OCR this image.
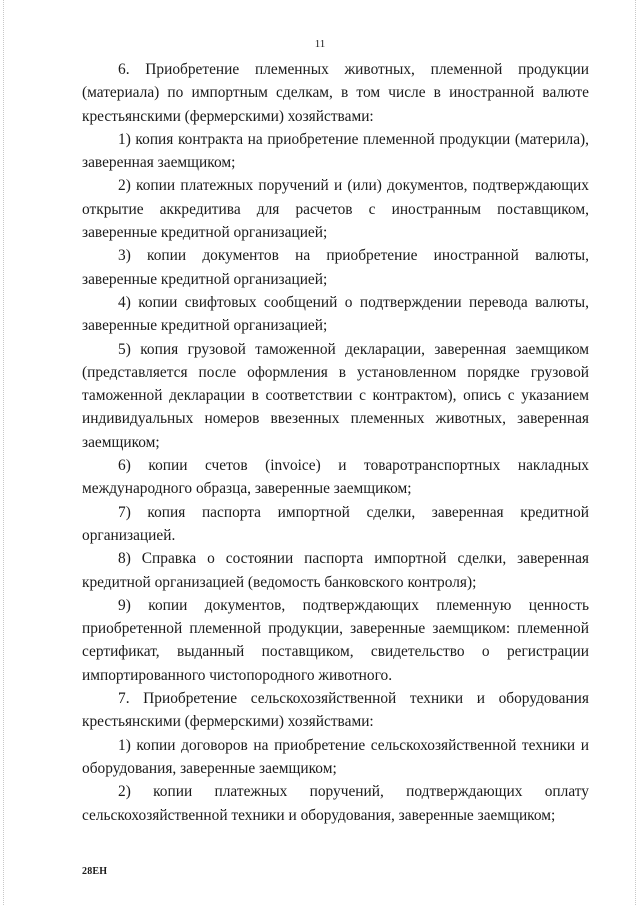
11

6. Приобретение племенных животных, племенной продукции (материала) по импортным сделкам, в том числе в иностранной валюте крестьянскими (фермерскими) хозяйствами:

1) копия контракта на приобретение племенной продукции (материла), заверенная заемщиком;

2) копии платежных поручений и (или) документов, подтверждающих открытие аккредитива для расчетов с иностранным поставщиком, заверенные кредитной организацией;

3) копии документов на приобретение иностранной валюты, заверенные кредитной организацией;

4) копии свифтовых сообщений о подтверждении перевода валюты, заверенные кредитной организацией;

5) копия грузовой таможенной декларации, заверенная заемщиком (представляется после оформления в установленном порядке грузовой таможенной декларации в соответствии с контрактом), опись с указанием индивидуальных номеров ввезенных племенных животных, заверенная заемщиком;

6) копии счетов (invoice) и товаротранспортных накладных международного образца, заверенные заемщиком;

7) копия паспорта импортной сделки, заверенная кредитной организацией.

8) Справка о состоянии паспорта импортной сделки, заверенная кредитной организацией (ведомость банковского контроля);

9) копии документов, подтверждающих племенную ценность приобретенной племенной продукции, заверенные заемщиком: племенной сертификат, выданный поставщиком, свидетельство о регистрации импортированного чистопородного животного.

7. Приобретение сельскохозяйственной техники и оборудования крестьянскими (фермерскими) хозяйствами:

1) копии договоров на приобретение сельскохозяйственной техники и оборудования, заверенные заемщиком;

2) копии платежных поручений, подтверждающих оплату сельскохозяйственной техники и оборудования, заверенные заемщиком;

28ЕН
